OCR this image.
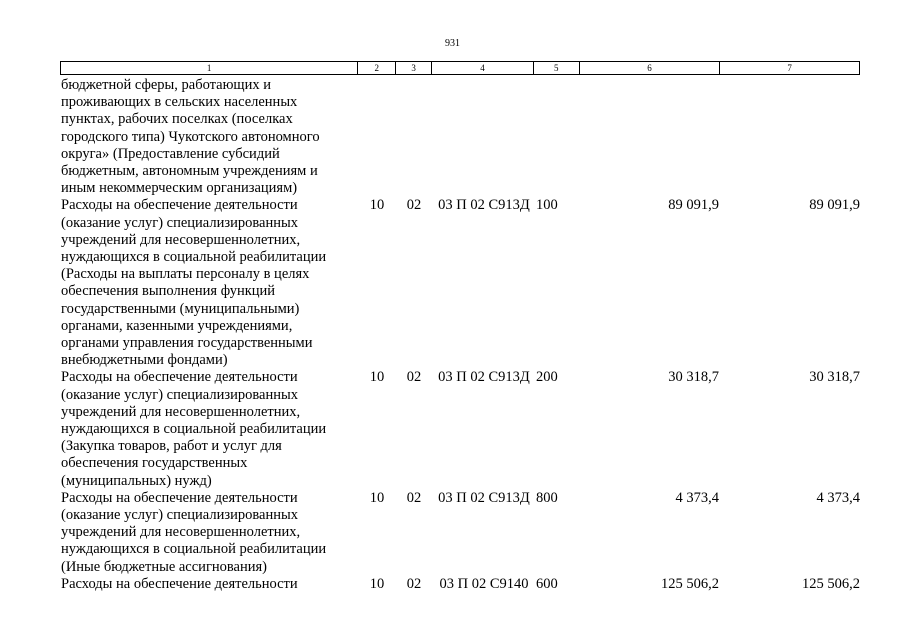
931
1	2	3	4	5	6	7
бюджетной сферы, работающих и
проживающих в сельских населенных
пунктах, рабочих поселках (поселках
городского типа) Чукотского автономного
округа» (Предоставление субсидий
бюджетным, автономным учреждениям и
иным некоммерческим организациям)
Расходы на обеспечение деятельности
(оказание услуг) специализированных
учреждений для несовершеннолетних,
нуждающихся в социальной реабилитации
(Расходы на выплаты персоналу в целях
обеспечения выполнения функций
государственными (муниципальными)
органами, казенными учреждениями,
органами управления государственными
внебюджетными фондами)
10	02	03 П 02 С913Д 100	89 091,9	89 091,9
Расходы на обеспечение деятельности
(оказание услуг) специализированных
учреждений для несовершеннолетних,
нуждающихся в социальной реабилитации
(Закупка товаров, работ и услуг для
обеспечения государственных
(муниципальных) нужд)
10	02	03 П 02 С913Д 200	30 318,7	30 318,7
Расходы на обеспечение деятельности
(оказание услуг) специализированных
учреждений для несовершеннолетних,
нуждающихся в социальной реабилитации
(Иные бюджетные ассигнования)
10	02	03 П 02 С913Д 800	4 373,4	4 373,4
Расходы на обеспечение деятельности	10	02	03 П 02 С9140 600	125 506,2	125 506,2
